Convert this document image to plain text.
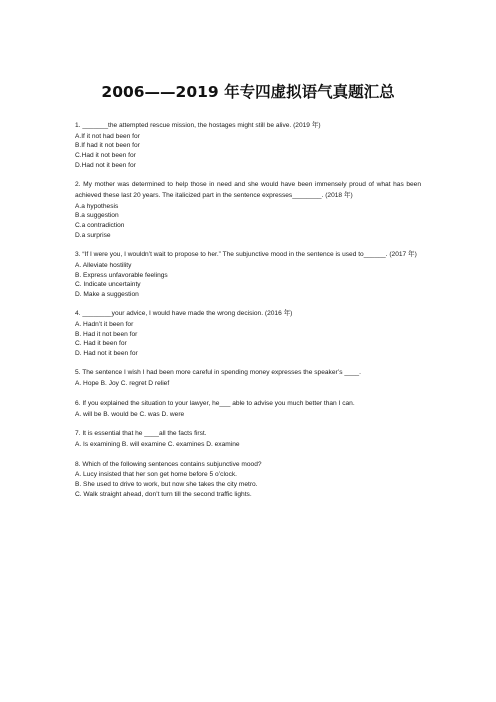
2006——2019 年专四虚拟语气真题汇总
1. _______the attempted rescue mission, the hostages might still be alive. (2019 年)
A.If it not had been for
B.If had it not been for
C.Had it not been for
D.Had not it been for
2. My mother was determined to help those in need and she would have been immensely proud of what has been achieved these last 20 years. The italicized part in the sentence expresses________. (2018 年)
A.a hypothesis
B.a suggestion
C.a contradiction
D.a surprise
3. “If I were you, I wouldn’t wait to propose to her.” The subjunctive mood in the sentence is used to______. (2017 年)
A. Alleviate hostility
B. Express unfavorable feelings
C. Indicate uncertainty
D. Make a suggestion
4. ________your advice, I would have made the wrong decision. (2016 年)
A. Hadn’t it been for
B. Had it not been for
C. Had it been for
D. Had not it been for
5. The sentence I wish I had been more careful in spending money expresses the speaker’s ____.
A. Hope B. Joy C. regret D relief
6. If you explained the situation to your lawyer, he___ able to advise you much better than I can.
A. will be B. would be C. was D. were
7. It is essential that he ____all the facts first.
A. Is examining B. will examine C. examines D. examine
8. Which of the following sentences contains subjunctive mood?
A. Lucy insisted that her son get home before 5 o’clock.
B. She used to drive to work, but now she takes the city metro.
C. Walk straight ahead, don’t turn till the second traffic lights.
